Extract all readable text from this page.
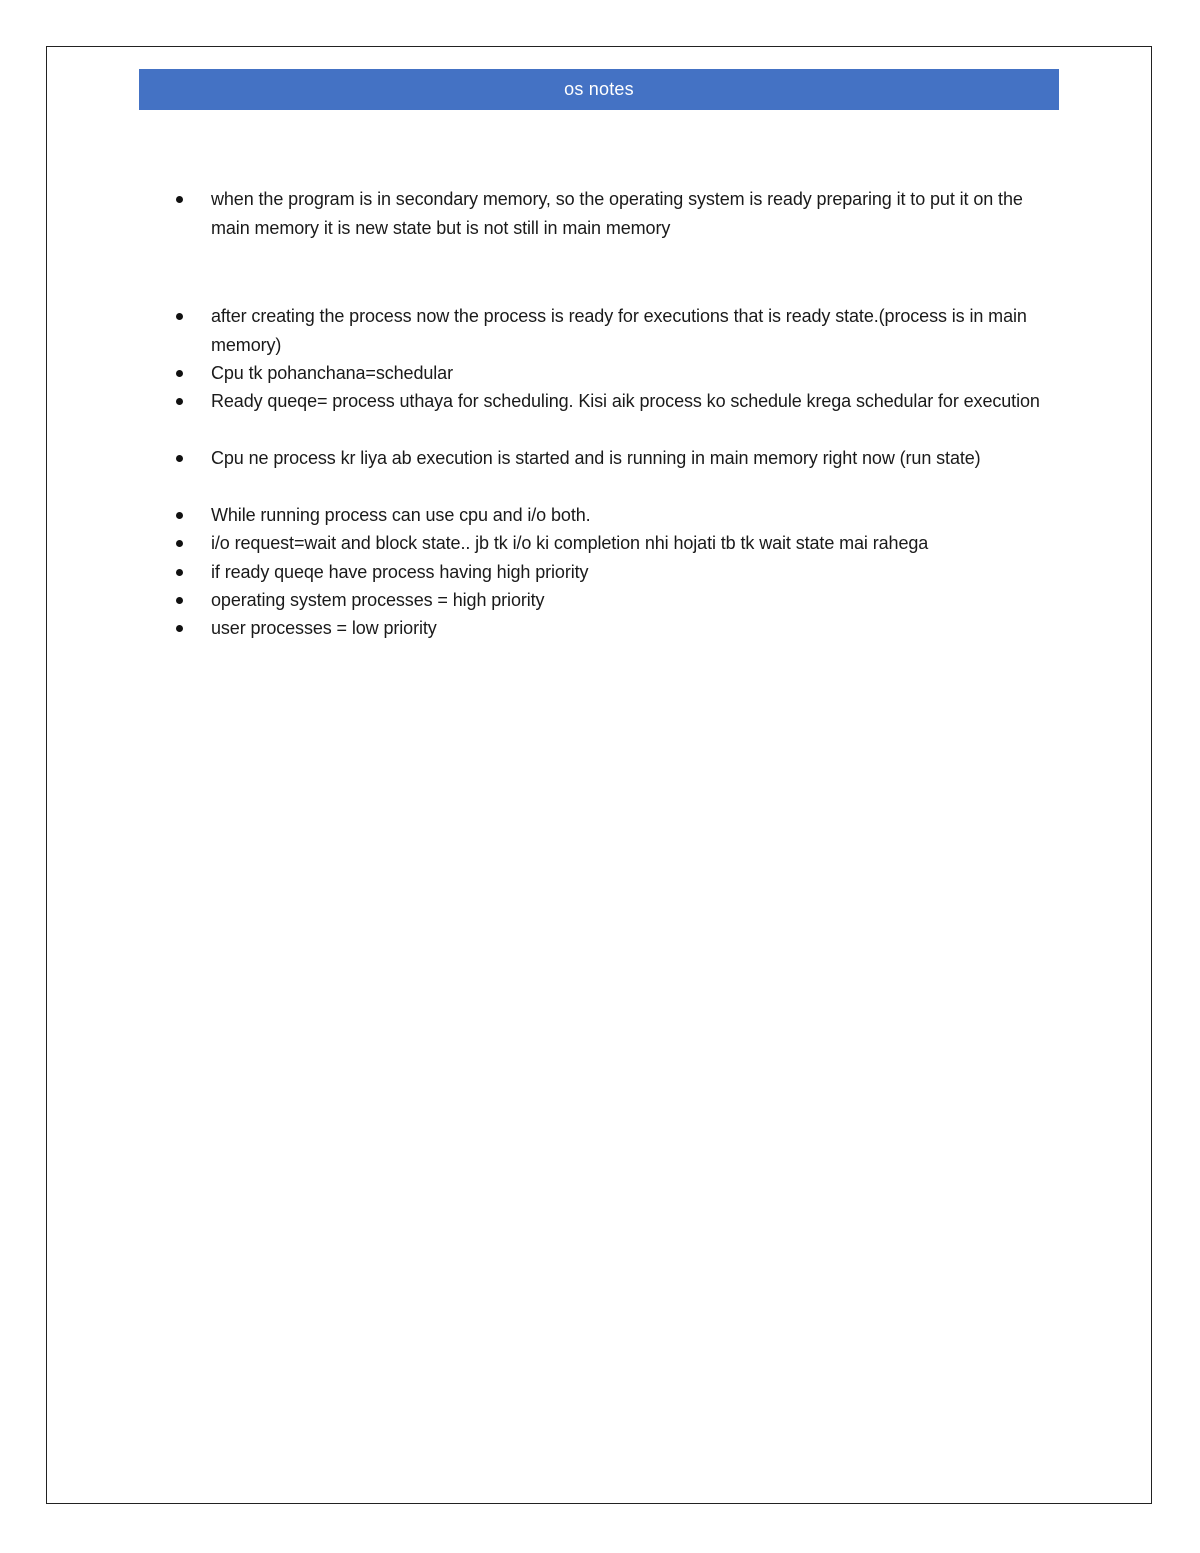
os notes
when the program is in secondary memory, so the operating system is ready preparing it to put it on the main memory it is new state but is not still in main memory
after creating the process now the process is ready for executions that is ready state.(process is in main memory)
Cpu tk pohanchana=schedular
Ready queqe= process uthaya for scheduling. Kisi aik process ko schedule krega schedular for execution
Cpu ne process kr liya ab execution is started and is running in main memory right now (run state)
While running process can use cpu and i/o both.
i/o request=wait and block state.. jb tk i/o ki completion nhi hojati tb tk wait state mai rahega
if ready queqe have process having high priority
operating system processes = high priority
user processes = low priority
